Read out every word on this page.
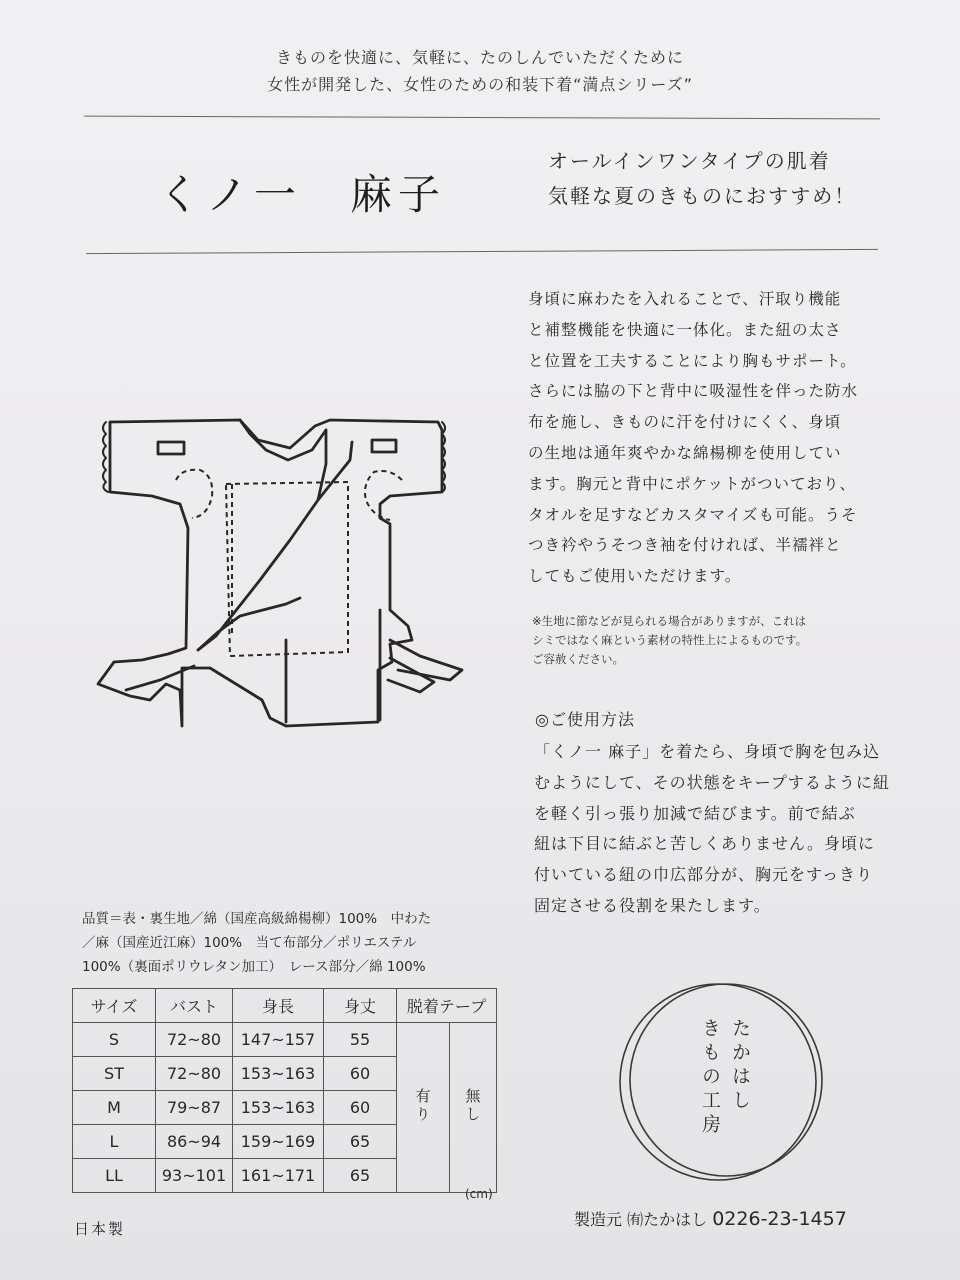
きものを快適に、気軽に、たのしんでいただくために
女性が開発した、女性のための和装下着“満点シリーズ”
くノ一　麻子
オールインワンタイプの肌着
気軽な夏のきものにおすすめ！
身頃に麻わたを入れることで、汗取り機能
と補整機能を快適に一体化。また紐の太さ
と位置を工夫することにより胸もサポート。
さらには脇の下と背中に吸湿性を伴った防水
布を施し、きものに汗を付けにくく、身頃
の生地は通年爽やかな綿楊柳を使用してい
ます。胸元と背中にポケットがついており、
タオルを足すなどカスタマイズも可能。うそ
つき衿やうそつき袖を付ければ、半襦袢と
してもご使用いただけます。
※生地に節などが見られる場合がありますが、これは
シミではなく麻という素材の特性上によるものです。
ご容赦ください。
◎ご使用方法
「くノ一 麻子」を着たら、身頃で胸を包み込
むようにして、その状態をキープするように紐
を軽く引っ張り加減で結びます。前で結ぶ
紐は下目に結ぶと苦しくありません。身頃に
付いている紐の巾広部分が、胸元をすっきり
固定させる役割を果たします。
品質＝表・裏生地／綿（国産高級綿楊柳）100%　中わた
／麻（国産近江麻）100%　当て布部分／ポリエステル
100%（裏面ポリウレタン加工）　レース部分／綿 100%
サイズ	バスト	身長	身丈	脱着テープ	
S	72~80	147~157	55	有り	無し
ST	72~80	153~163	60		
M	79~87	153~163	60		
L	86~94	159~169	65		
LL	93~101	161~171	65		
(cm)
日本製
たかはし
きもの工房
製造元 ㈲たかはし 0226-23-1457
